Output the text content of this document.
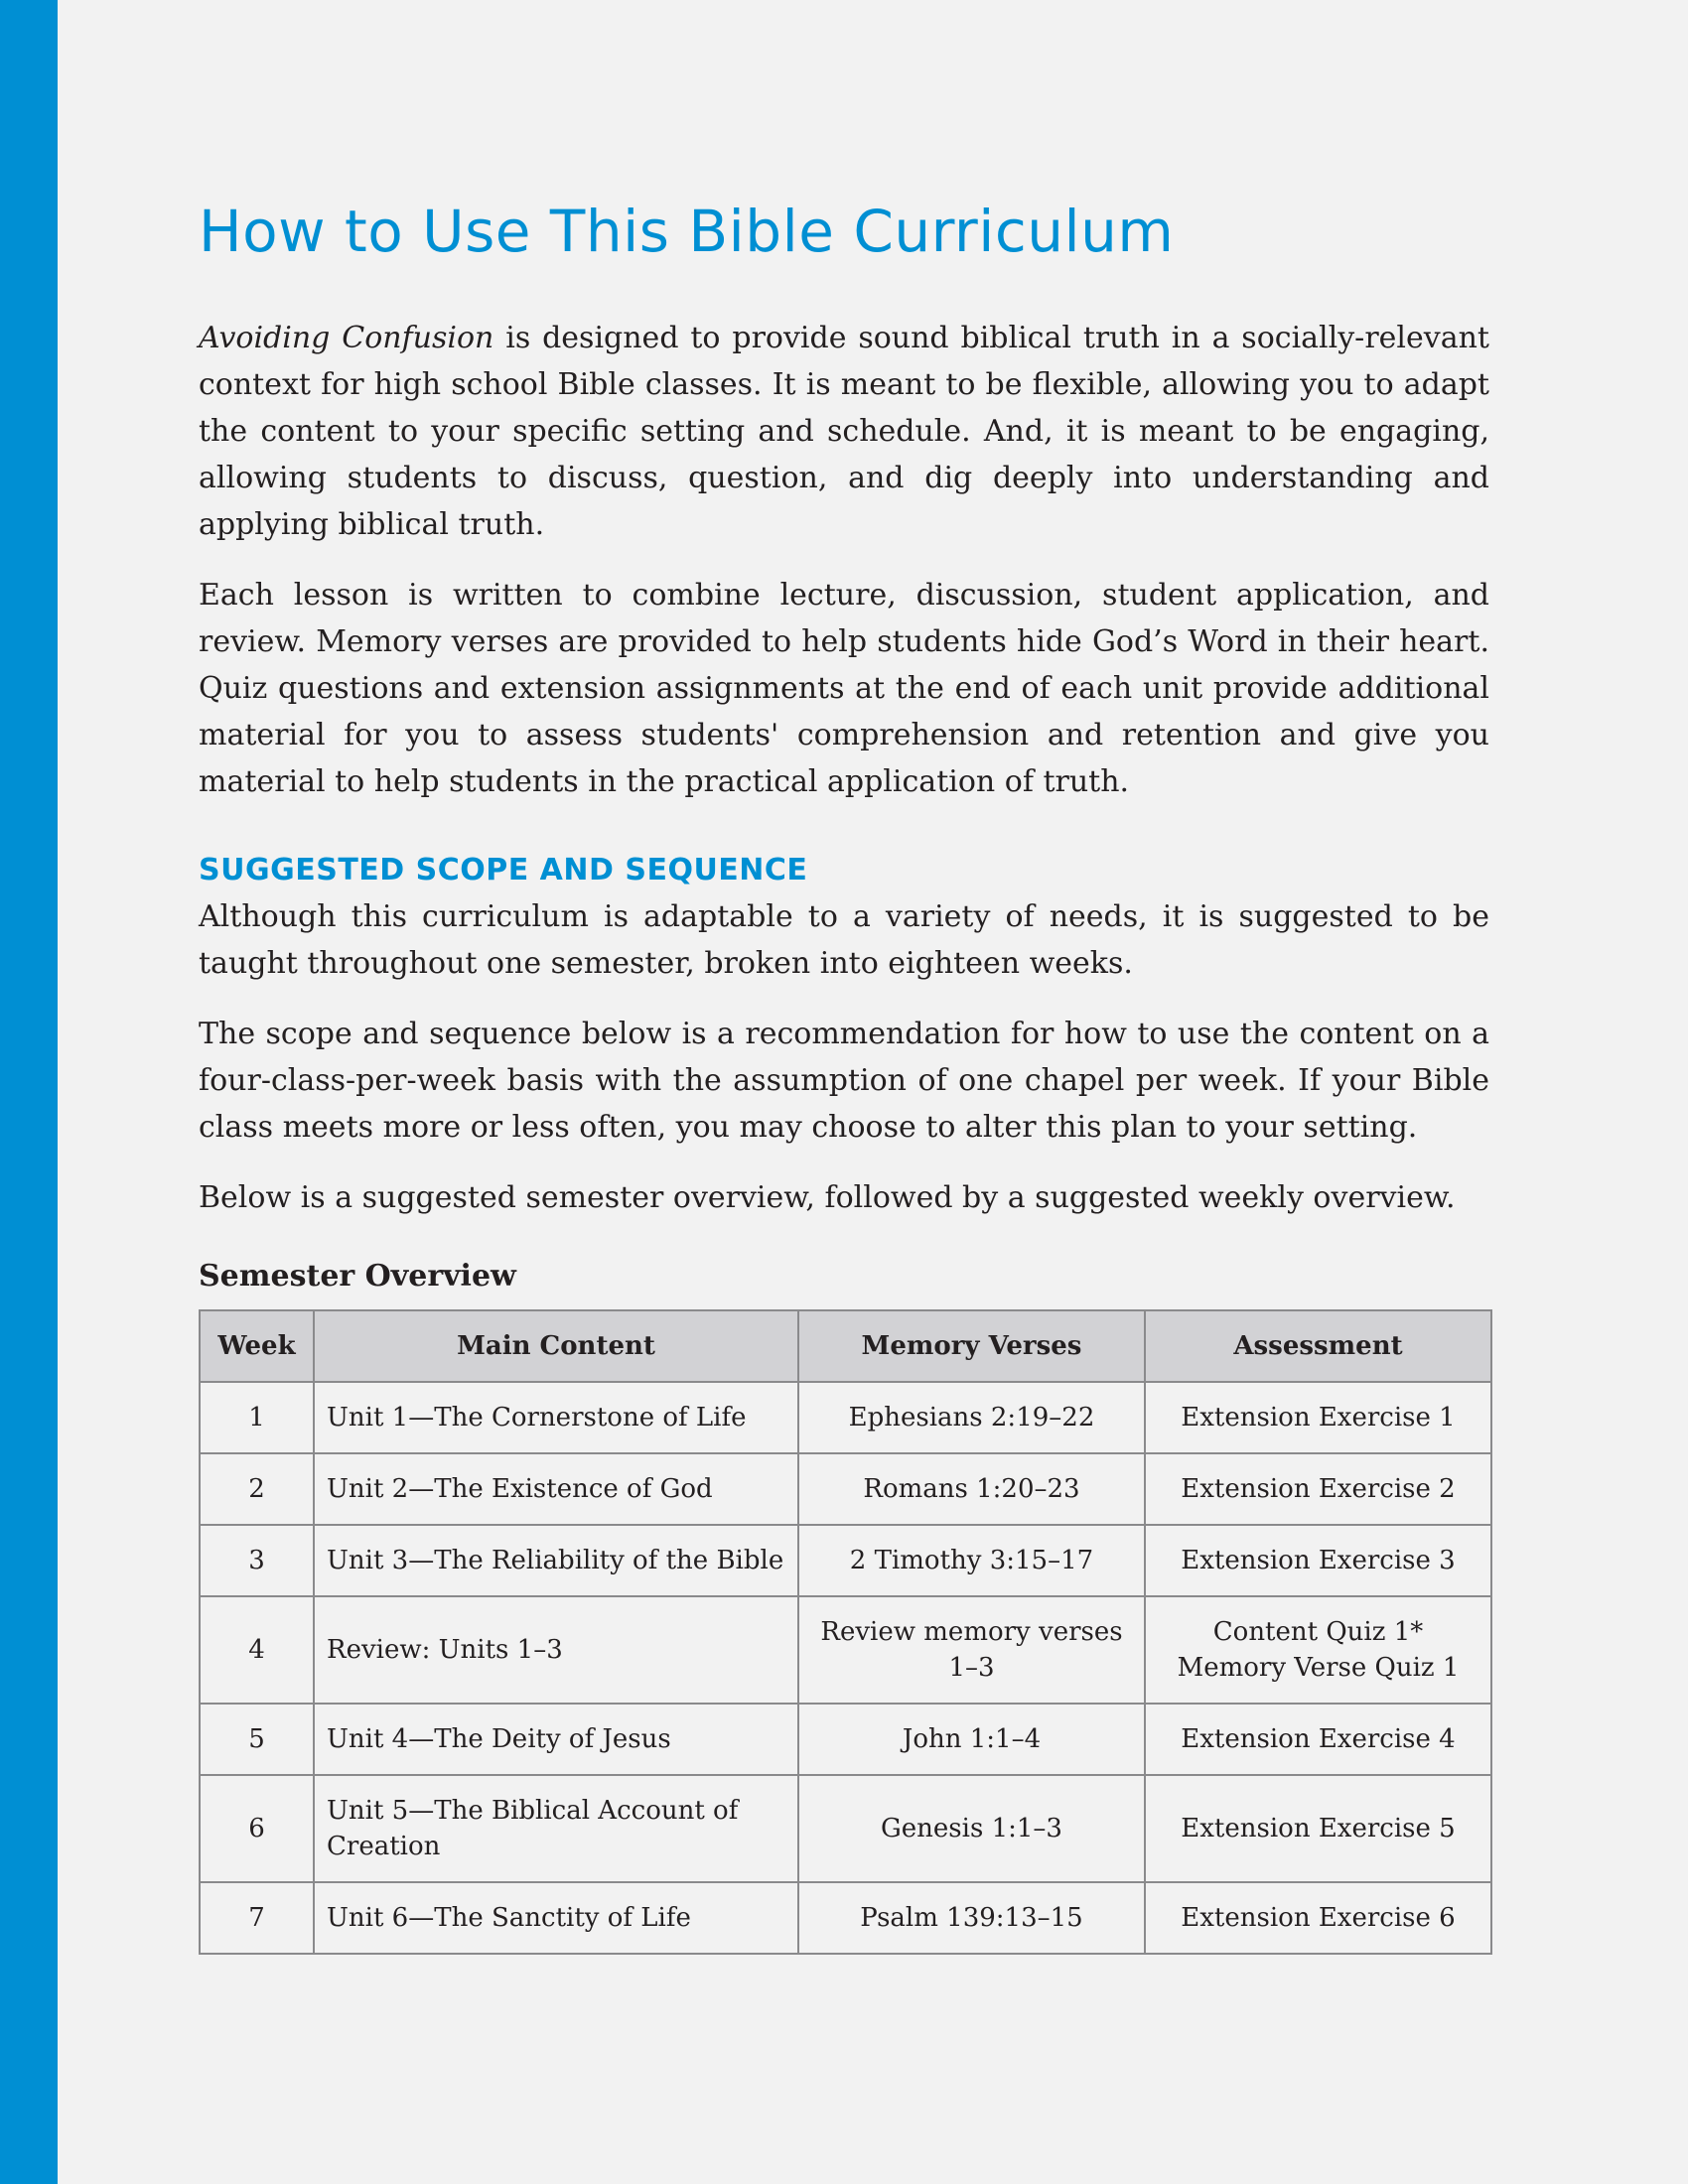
How to Use This Bible Curriculum

Avoiding Confusion is designed to provide sound biblical truth in a socially-relevant context for high school Bible classes. It is meant to be flexible, allowing you to adapt the content to your specific setting and schedule. And, it is meant to be engaging, allowing students to discuss, question, and dig deeply into understanding and applying biblical truth.

Each lesson is written to combine lecture, discussion, student application, and review. Memory verses are provided to help students hide God’s Word in their heart. Quiz questions and extension assignments at the end of each unit provide additional material for you to assess students' comprehension and retention and give you material to help students in the practical application of truth.

SUGGESTED SCOPE AND SEQUENCE

Although this curriculum is adaptable to a variety of needs, it is suggested to be taught throughout one semester, broken into eighteen weeks.

The scope and sequence below is a recommendation for how to use the content on a four-class-per-week basis with the assumption of one chapel per week. If your Bible class meets more or less often, you may choose to alter this plan to your setting.

Below is a suggested semester overview, followed by a suggested weekly overview.

Semester Overview
Week	Main Content	Memory Verses	Assessment
1	Unit 1—The Cornerstone of Life	Ephesians 2:19–22	Extension Exercise 1
2	Unit 2—The Existence of God	Romans 1:20–23	Extension Exercise 2
3	Unit 3—The Reliability of the Bible	2 Timothy 3:15–17	Extension Exercise 3
4	Review: Units 1–3	Review memory verses 1–3	Content Quiz 1*
Memory Verse Quiz 1

5	Unit 4—The Deity of Jesus	John 1:1–4	Extension Exercise 4
6	Unit 5—The Biblical Account of Creation	Genesis 1:1–3	Extension Exercise 5
7	Unit 6—The Sanctity of Life	Psalm 139:13–15	Extension Exercise 6
